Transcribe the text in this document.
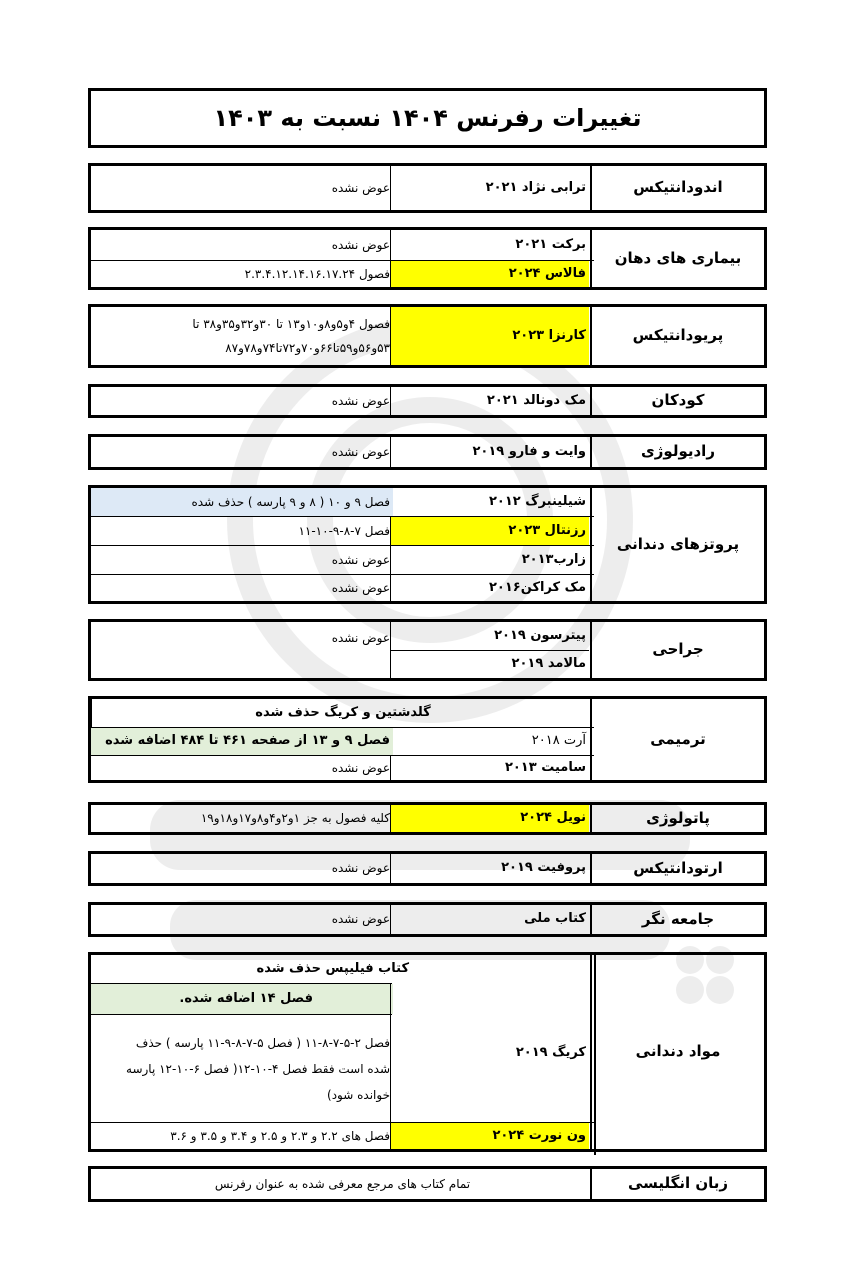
تغییرات رفرنس ۱۴۰۴ نسبت به ۱۴۰۳
اندودانتیکس
ترابی نژاد ۲۰۲۱
عوض نشده
بیماری های دهان
برکت ۲۰۲۱
عوض نشده
فالاس ۲۰۲۴
فصول ۲.۳.۴.۱۲.۱۴.۱۶.۱۷.۲۴
پریودانتیکس
کارنزا ۲۰۲۳
فصول ۴و۵و۸و۱۰و۱۳ تا ۳۰و۳۲و۳۵و۳۸ تا
۵۳و۵۶و۵۹تا۶۶و۷۰و۷۲تا۷۴و۷۸و۸۷
کودکان
مک دونالد ۲۰۲۱
عوض نشده
رادیولوژی
وایت و فارو ۲۰۱۹
عوض نشده
پروتزهای دندانی
شیلینبرگ ۲۰۱۲
فصل ۹ و ۱۰ ( ۸ و ۹ پارسه ) حذف شده
رزنتال ۲۰۲۳
فصل ۷-۸-۹-۱۰-۱۱
زارب۲۰۱۳
عوض نشده
مک کراکن۲۰۱۶
عوض نشده
جراحی
پیترسون ۲۰۱۹
مالامد ۲۰۱۹
عوض نشده
ترمیمی
گلدشتین و کریگ حذف شده
آرت ۲۰۱۸
فصل ۹ و ۱۳ از صفحه ۴۶۱ تا ۴۸۴ اضافه شده
سامیت ۲۰۱۳
عوض نشده
پاتولوژی
نویل ۲۰۲۴
کلیه فصول به جز ۱و۲و۴و۸و۱۷و۱۸و۱۹
ارتودانتیکس
پروفیت ۲۰۱۹
عوض نشده
جامعه نگر
کتاب ملی
عوض نشده
مواد دندانی
کتاب فیلیپس حذف شده
فصل ۱۴ اضافه شده.
کریگ ۲۰۱۹
فصل ۲-۵-۷-۸-۱۱ ( فصل ۵-۷-۸-۹-۱۱ پارسه ) حذف
شده است فقط فصل ۴-۱۰-۱۲( فصل ۶-۱۰-۱۲ پارسه
خوانده شود)
ون نورت ۲۰۲۴
فصل های ۲.۲ و ۲.۳ و ۲.۵ و ۳.۴ و ۳.۵ و ۳.۶
زبان انگلیسی
تمام کتاب های مرجع معرفی شده به عنوان رفرنس
